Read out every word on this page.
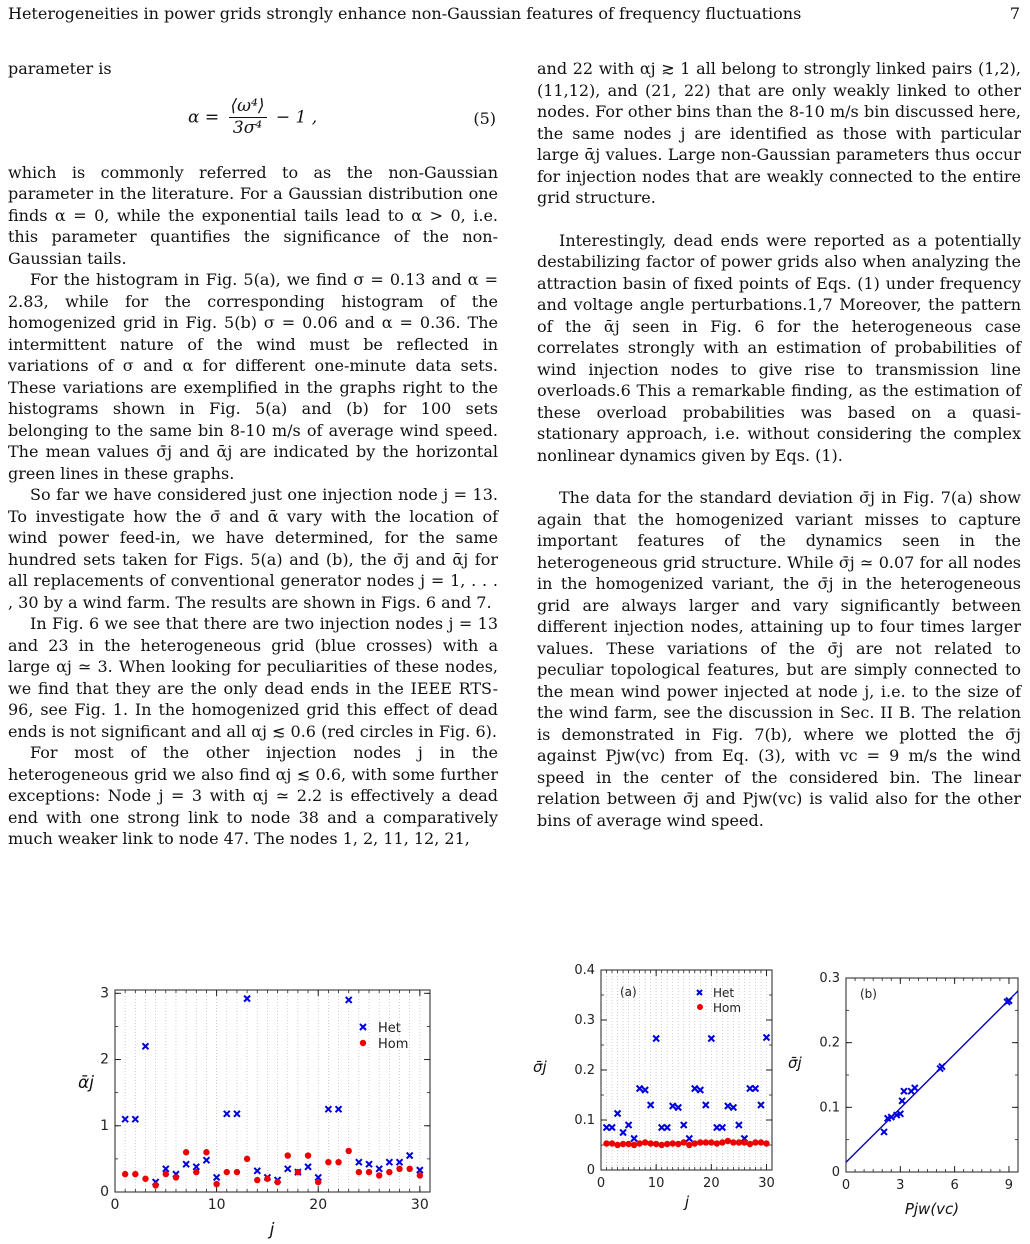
Heterogeneities in power grids strongly enhance non-Gaussian features of frequency fluctuations	7

parameter is

$\alpha = \frac{\text{⟨ω⁴⟩}}{\text{3σ⁴}} - 1$ ,	(5)

which is commonly referred to as the non-Gaussian parameter in the literature. For a Gaussian distribution one finds α = 0, while the exponential tails lead to α > 0, i.e. this parameter quantifies the significance of the non-Gaussian tails.

For the histogram in Fig. 5(a), we find σ = 0.13 and α = 2.83, while for the corresponding histogram of the homogenized grid in Fig. 5(b) σ = 0.06 and α = 0.36. The intermittent nature of the wind must be reflected in variations of σ and α for different one-minute data sets. These variations are exemplified in the graphs right to the histograms shown in Fig. 5(a) and (b) for 100 sets belonging to the same bin 8-10 m/s of average wind speed. The mean values σ̄j and ᾱj are indicated by the horizontal green lines in these graphs.

So far we have considered just one injection node j = 13. To investigate how the σ̄ and ᾱ vary with the location of wind power feed-in, we have determined, for the same hundred sets taken for Figs. 5(a) and (b), the σ̄j and ᾱj for all replacements of conventional generator nodes j = 1, . . . , 30 by a wind farm. The results are shown in Figs. 6 and 7.

In Fig. 6 we see that there are two injection nodes j = 13 and 23 in the heterogeneous grid (blue crosses) with a large αj ≃ 3. When looking for peculiarities of these nodes, we find that they are the only dead ends in the IEEE RTS-96, see Fig. 1. In the homogenized grid this effect of dead ends is not significant and all αj ≲ 0.6 (red circles in Fig. 6).

For most of the other injection nodes j in the heterogeneous grid we also find αj ≲ 0.6, with some further exceptions: Node j = 3 with αj ≃ 2.2 is effectively a dead end with one strong link to node 38 and a comparatively much weaker link to node 47. The nodes 1, 2, 11, 12, 21,

and 22 with αj ≳ 1 all belong to strongly linked pairs (1,2), (11,12), and (21, 22) that are only weakly linked to other nodes. For other bins than the 8-10 m/s bin discussed here, the same nodes j are identified as those with particular large ᾱj values. Large non-Gaussian parameters thus occur for injection nodes that are weakly connected to the entire grid structure.

Interestingly, dead ends were reported as a potentially destabilizing factor of power grids also when analyzing the attraction basin of fixed points of Eqs. (1) under frequency and voltage angle perturbations.1,7 Moreover, the pattern of the ᾱj seen in Fig. 6 for the heterogeneous case correlates strongly with an estimation of probabilities of wind injection nodes to give rise to transmission line overloads.6 This a remarkable finding, as the estimation of these overload probabilities was based on a quasi-stationary approach, i.e. without considering the complex nonlinear dynamics given by Eqs. (1).

The data for the standard deviation σ̄j in Fig. 7(a) show again that the homogenized variant misses to capture important features of the dynamics seen in the heterogeneous grid structure. While σ̄j ≃ 0.07 for all nodes in the homogenized variant, the σ̄j in the heterogeneous grid are always larger and vary significantly between different injection nodes, attaining up to four times larger values. These variations of the σ̄j are not related to peculiar topological features, but are simply connected to the mean wind power injected at node j, i.e. to the size of the wind farm, see the discussion in Sec. II B. The relation is demonstrated in Fig. 7(b), where we plotted the σ̄j against Pjw(vc) from Eq. (3), with vc = 9 m/s the wind speed in the center of the considered bin. The linear relation between σ̄j and Pjw(vc) is valid also for the other bins of average wind speed.

0	10	20	30
0
1
2
3
ᾱj
j
Het
Hom
0	10	20	30
0
0.1
0.2
0.3
0.4
σ̄j
j
(a)	Het
Hom
0	3	6	9
0
0.1
0.2
0.3
σ̄j
Pjw(vc)
(b)
